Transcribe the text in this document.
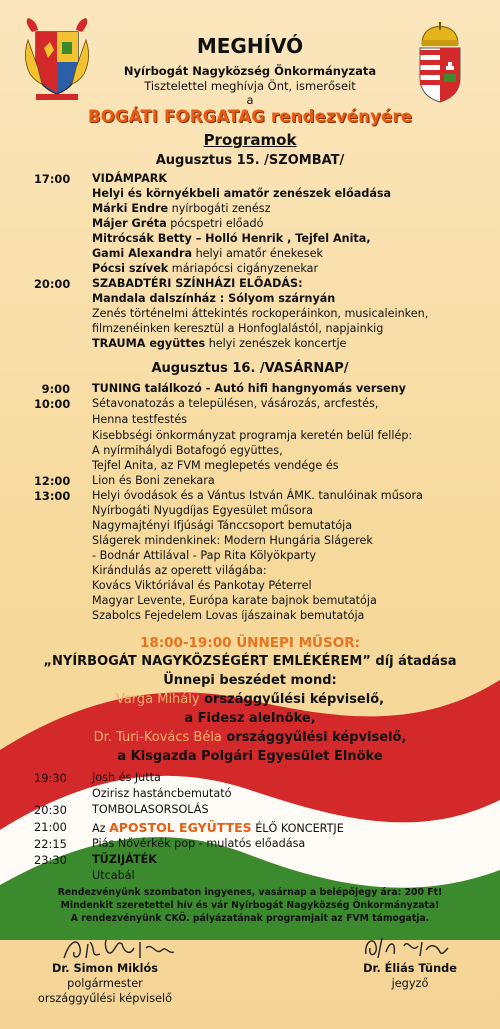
MEGHÍVÓ
Nyírbogát Nagyközség Önkormányzata
Tisztelettel meghívja Önt, ismerőseit
a
BOGÁTI FORGATAG rendezvényére
Programok
Augusztus 15. /SZOMBAT/
17:00	VIDÁMPARK
Helyi és környékbeli amatőr zenészek előadása
Márki Endre nyírbogáti zenész
Májer Gréta pócspetri előadó
Mitrócsák Betty – Holló Henrik , Tejfel Anita,
Gami Alexandra helyi amatőr énekesek
Pócsi szívek máriapócsi cigányzenekar
20:00	SZABADTÉRI SZÍNHÁZI ELŐADÁS:
Mandala dalszínház : Sólyom szárnyán
Zenés történelmi áttekintés rockoperáinkon, musicaleinken,
filmzenéinken keresztül a Honfoglalástól, napjainkig
TRAUMA együttes helyi zenészek koncertje
Augusztus 16. /VASÁRNAP/
9:00 TUNING találkozó - Autó hifi hangnyomás verseny
10:00	Sétavonatozás a településen, vásározás, arcfestés,
Henna testfestés
Kisebbségi önkormányzat programja keretén belül fellép:
A nyírmihálydi Botafogó együttes,
Tejfel Anita, az FVM meglepetés vendége és
12:00	Lion és Boni zenekara
13:00	Helyi óvodások és a Vántus István ÁMK. tanulóinak műsora
Nyírbogáti Nyugdíjas Egyesület műsora
Nagymajtényi Ifjúsági Tánccsoport bemutatója
Slágerek mindenkinek: Modern Hungária Slágerek
- Bodnár Attilával - Pap Rita Kölyökparty
Kirándulás az operett világába:
Kovács Viktóriával és Pankotay Péterrel
Magyar Levente, Európa karate bajnok bemutatója
Szabolcs Fejedelem Lovas íjászainak bemutatója
18:00-19:00 ÜNNEPI MŰSOR:
„NYÍRBOGÁT NAGYKÖZSÉGÉRT EMLÉKÉREM” díj átadása
Ünnepi beszédet mond:
Varga Mihály országgyűlési képviselő,
a Fidesz alelnöke,
Dr. Turi-Kovács Béla országgyűlési képviselő,
a Kisgazda Polgári Egyesület Elnöke
19:30	Josh és Jutta
Ozirisz hastáncbemutató
20:30	TOMBOLASORSOLÁS
21:00	Az APOSTOL EGYÜTTES ÉLŐ KONCERTJE
22:15	Piás Nővérkék pop - mulatós előadása
23:30	TŰZIJÁTÉK
Utcabál
Rendezvényünk szombaton ingyenes, vasárnap a belépőjegy ára: 200 Ft!
Mindenkit szeretettel hív és vár Nyírbogát Nagyközség Önkormányzata!
A rendezvényünk CKÖ. pályázatának programjait az FVM támogatja.
Dr. Simon Miklós
polgármester
országgyűlési képviselő
Dr. Éliás Tünde
jegyző
